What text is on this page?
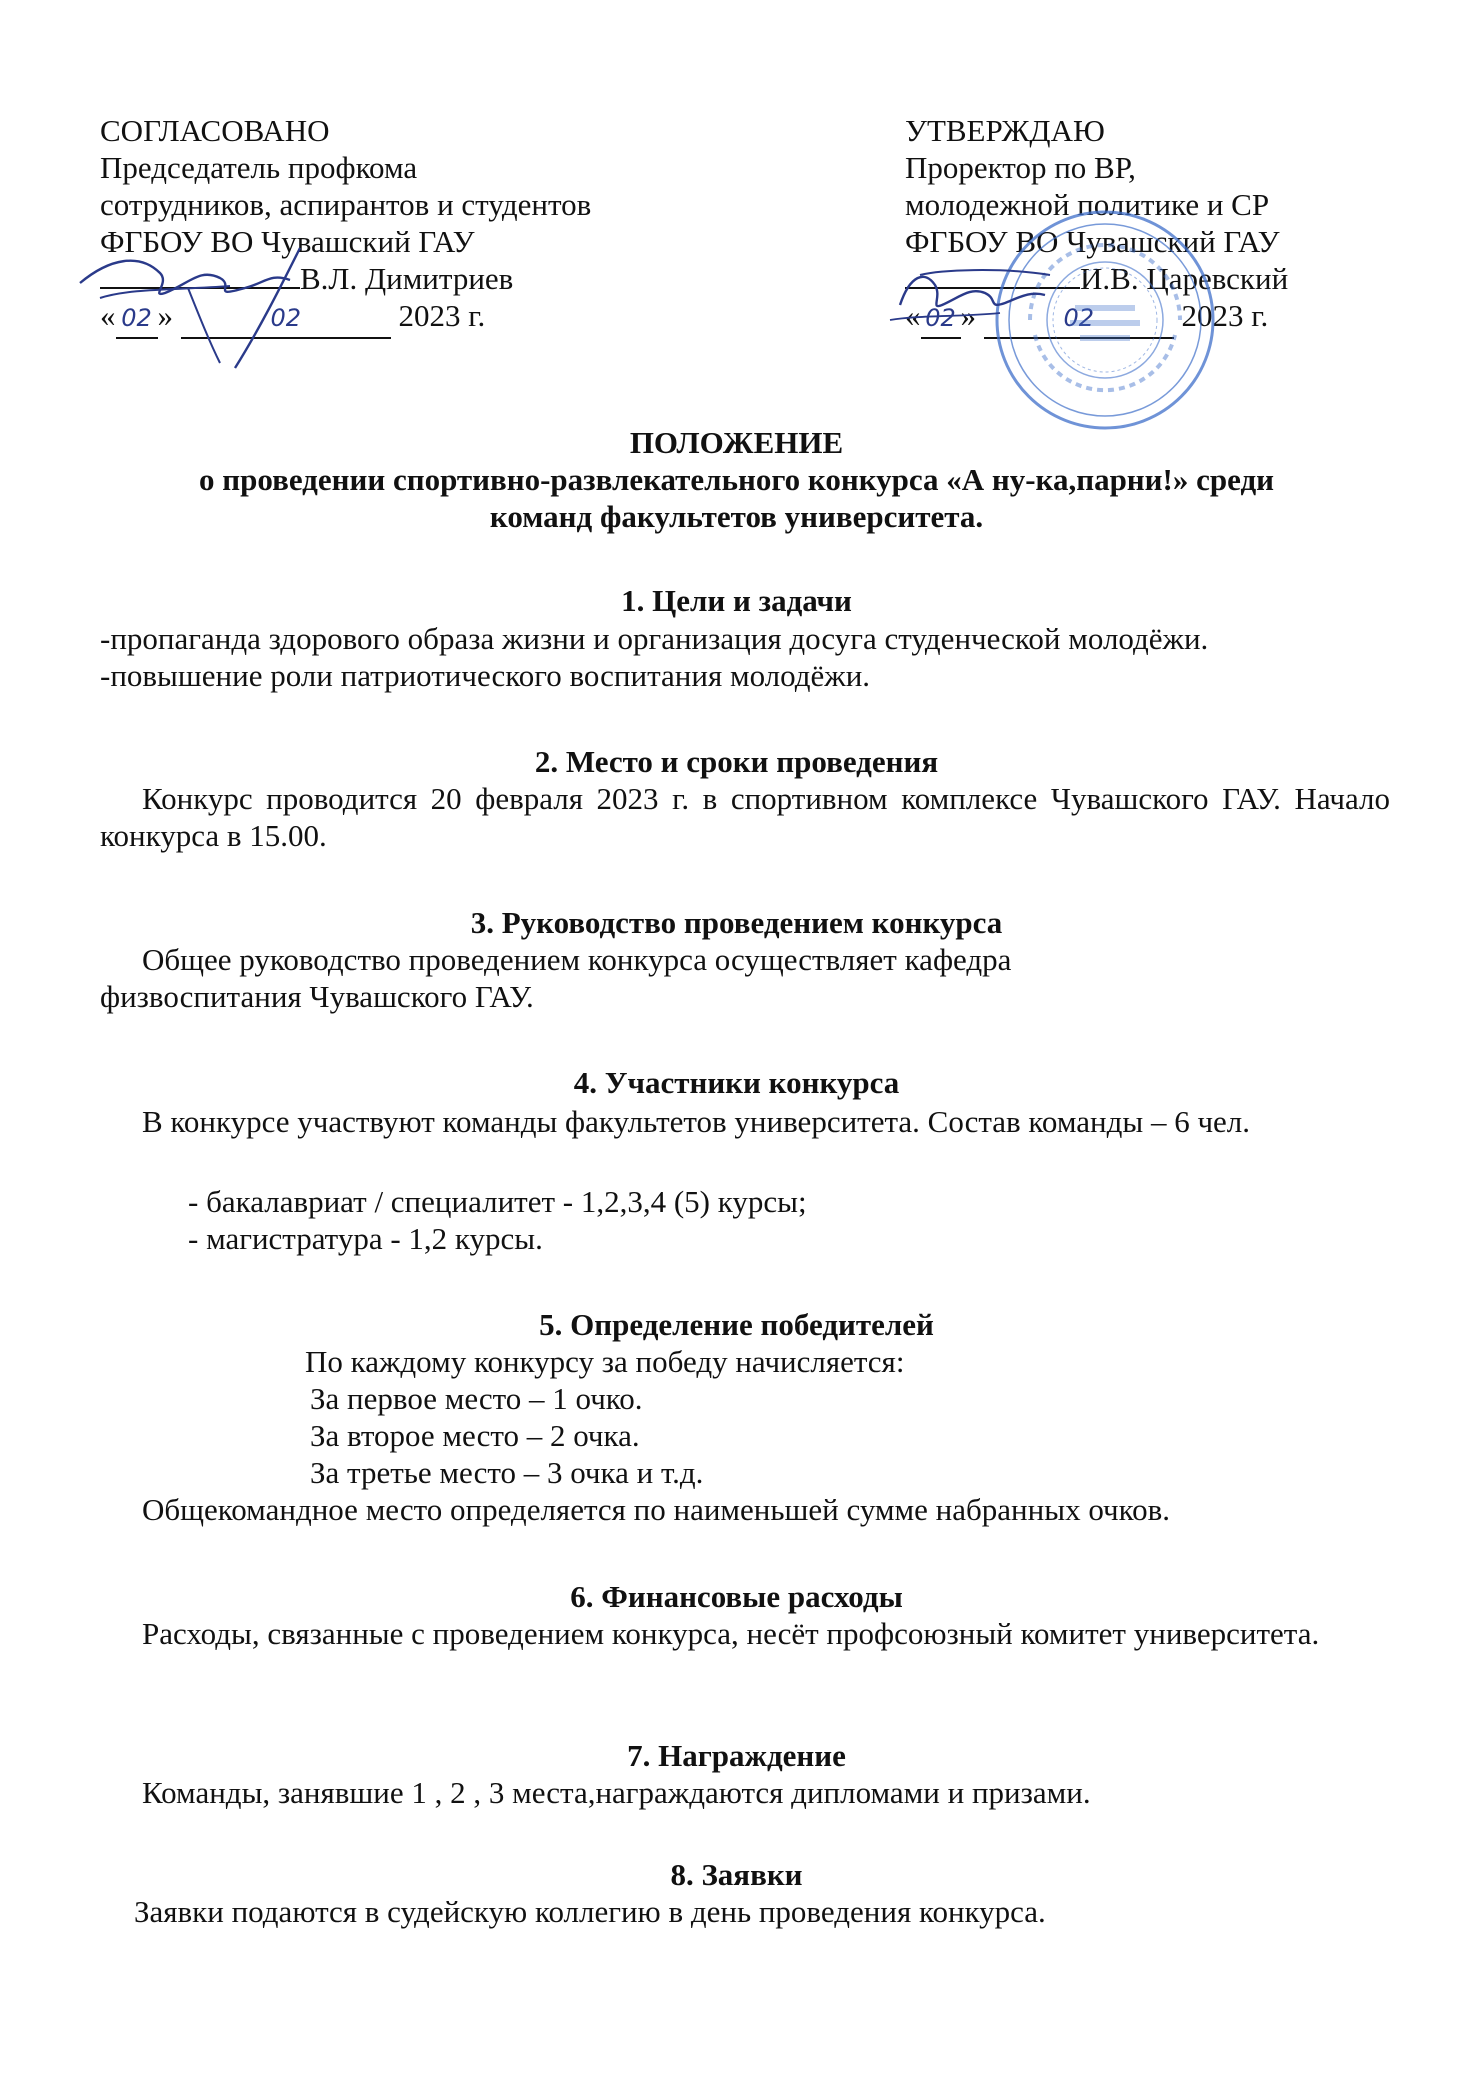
СОГЛАСОВАНО
Председатель профкома
сотрудников, аспирантов и студентов
ФГБОУ ВО Чувашский ГАУ
В.Л. Димитриев
« 02 »	02	2023 г.
УТВЕРЖДАЮ
Проректор по ВР,
молодежной политике и СР
ФГБОУ ВО Чувашский ГАУ
И.В. Царевский
« 02 »	02	2023 г.
ПОЛОЖЕНИЕ
о проведении спортивно-развлекательного конкурса «А ну-ка,парни!» среди
команд факультетов университета.
1. Цели и задачи
-пропаганда здорового образа жизни и организация досуга студенческой молодёжи.
-повышение роли патриотического воспитания молодёжи.
2. Место и сроки проведения
Конкурс проводится 20 февраля 2023 г. в спортивном комплексе Чувашского ГАУ. Начало конкурса в 15.00.
3. Руководство проведением конкурса
Общее руководство проведением конкурса осуществляет кафедра
физвоспитания Чувашского ГАУ.
4. Участники конкурса
В конкурсе участвуют команды факультетов университета. Состав команды – 6 чел.
- бакалавриат / специалитет - 1,2,3,4 (5) курсы;
- магистратура - 1,2 курсы.
5. Определение победителей
По каждому конкурсу за победу начисляется:
За первое место – 1 очко.
За второе место – 2 очка.
За третье место – 3 очка и т.д.
Общекомандное место определяется по наименьшей сумме набранных очков.
6. Финансовые расходы
Расходы, связанные с проведением конкурса, несёт профсоюзный комитет университета.
7. Награждение
Команды, занявшие 1 , 2 , 3 места,награждаются дипломами и призами.
8. Заявки
Заявки подаются в судейскую коллегию в день проведения конкурса.
